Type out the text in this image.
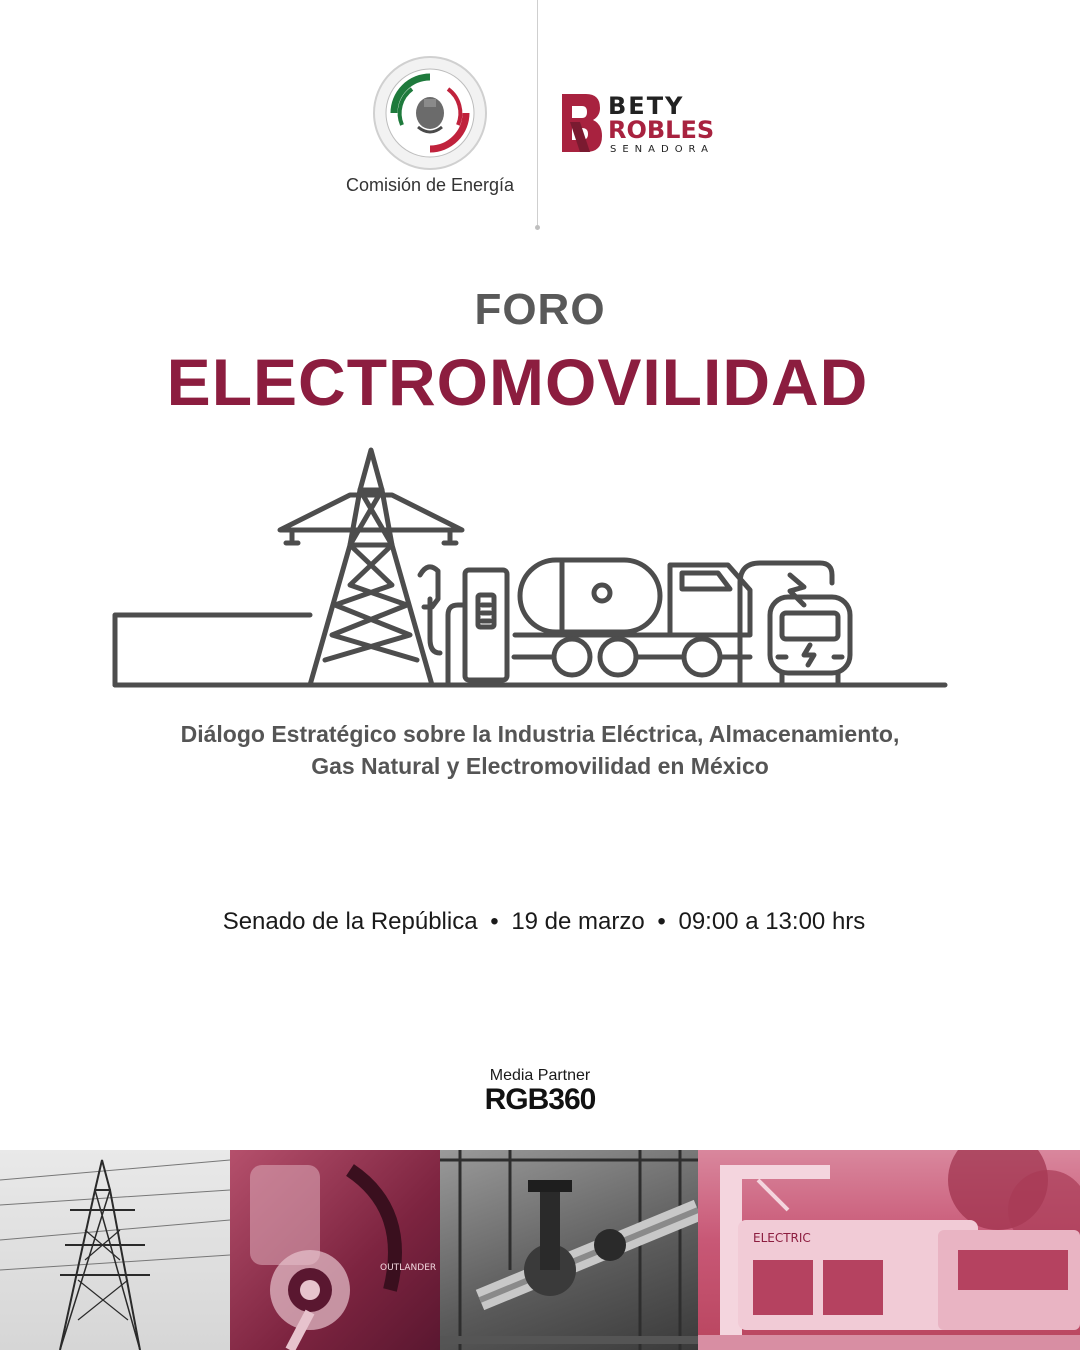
Comisión de Energía
BETY
ROBLES
SENADORA
FORO
ELECTROMOVILIDAD
Diálogo Estratégico sobre la Industria Eléctrica, Almacenamiento,
Gas Natural y Electromovilidad en México
Senado de la República • 19 de marzo • 09:00 a 13:00 hrs
Media Partner
RGB360
OUTLANDER
ELECTRIC
